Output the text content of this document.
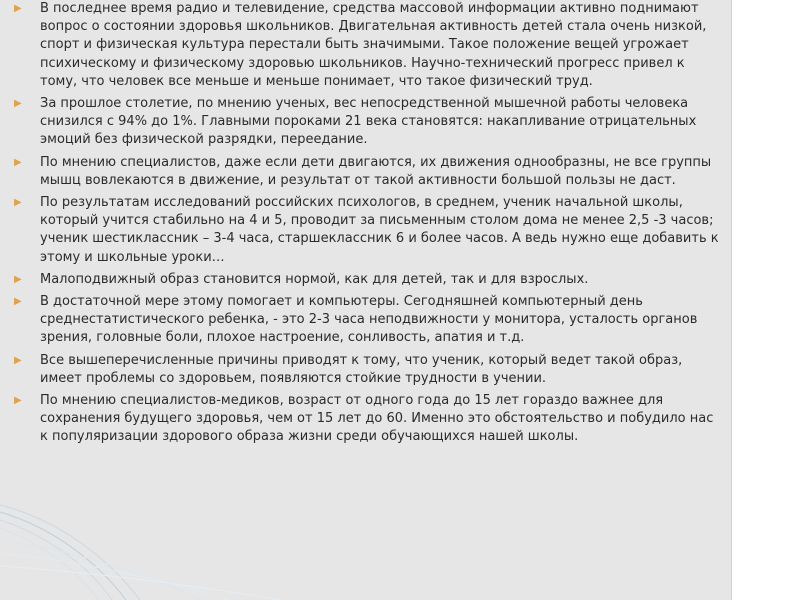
▶ В последнее время радио и телевидение, средства массовой информации активно поднимают вопрос о состоянии здоровья школьников. Двигательная активность детей стала очень низкой, спорт и физическая культура перестали быть значимыми. Такое положение вещей угрожает психическому и физическому здоровью школьников. Научно-технический прогресс привел к тому, что человек все меньше и меньше понимает, что такое физический труд.
▶ За прошлое столетие, по мнению ученых, вес непосредственной мышечной работы человека снизился с 94% до 1%. Главными пороками 21 века становятся: накапливание отрицательных эмоций без физической разрядки, переедание.
▶ По мнению специалистов, даже если дети двигаются, их движения однообразны, не все группы мышц вовлекаются в движение, и результат от такой активности большой пользы не даст.
▶ По результатам исследований российских психологов, в среднем, ученик начальной школы, который учится стабильно на 4 и 5, проводит за письменным столом дома не менее 2,5 -3 часов; ученик шестиклассник – 3-4 часа, старшеклассник 6 и более часов. А ведь нужно еще добавить к этому и школьные уроки…
▶ Малоподвижный образ становится нормой, как для детей, так и для взрослых.
▶ В достаточной мере этому помогает и компьютеры. Сегодняшней компьютерный день среднестатистического ребенка, - это 2-3 часа неподвижности у монитора, усталость органов зрения, головные боли, плохое настроение, сонливость, апатия и т.д.
▶ Все вышеперечисленные причины приводят к тому, что ученик, который ведет такой образ, имеет проблемы со здоровьем, появляются стойкие трудности в учении.
▶ По мнению специалистов-медиков, возраст от одного года до 15 лет гораздо важнее для сохранения будущего здоровья, чем от 15 лет до 60. Именно это обстоятельство и побудило нас к популяризации здорового образа жизни среди обучающихся нашей школы.
